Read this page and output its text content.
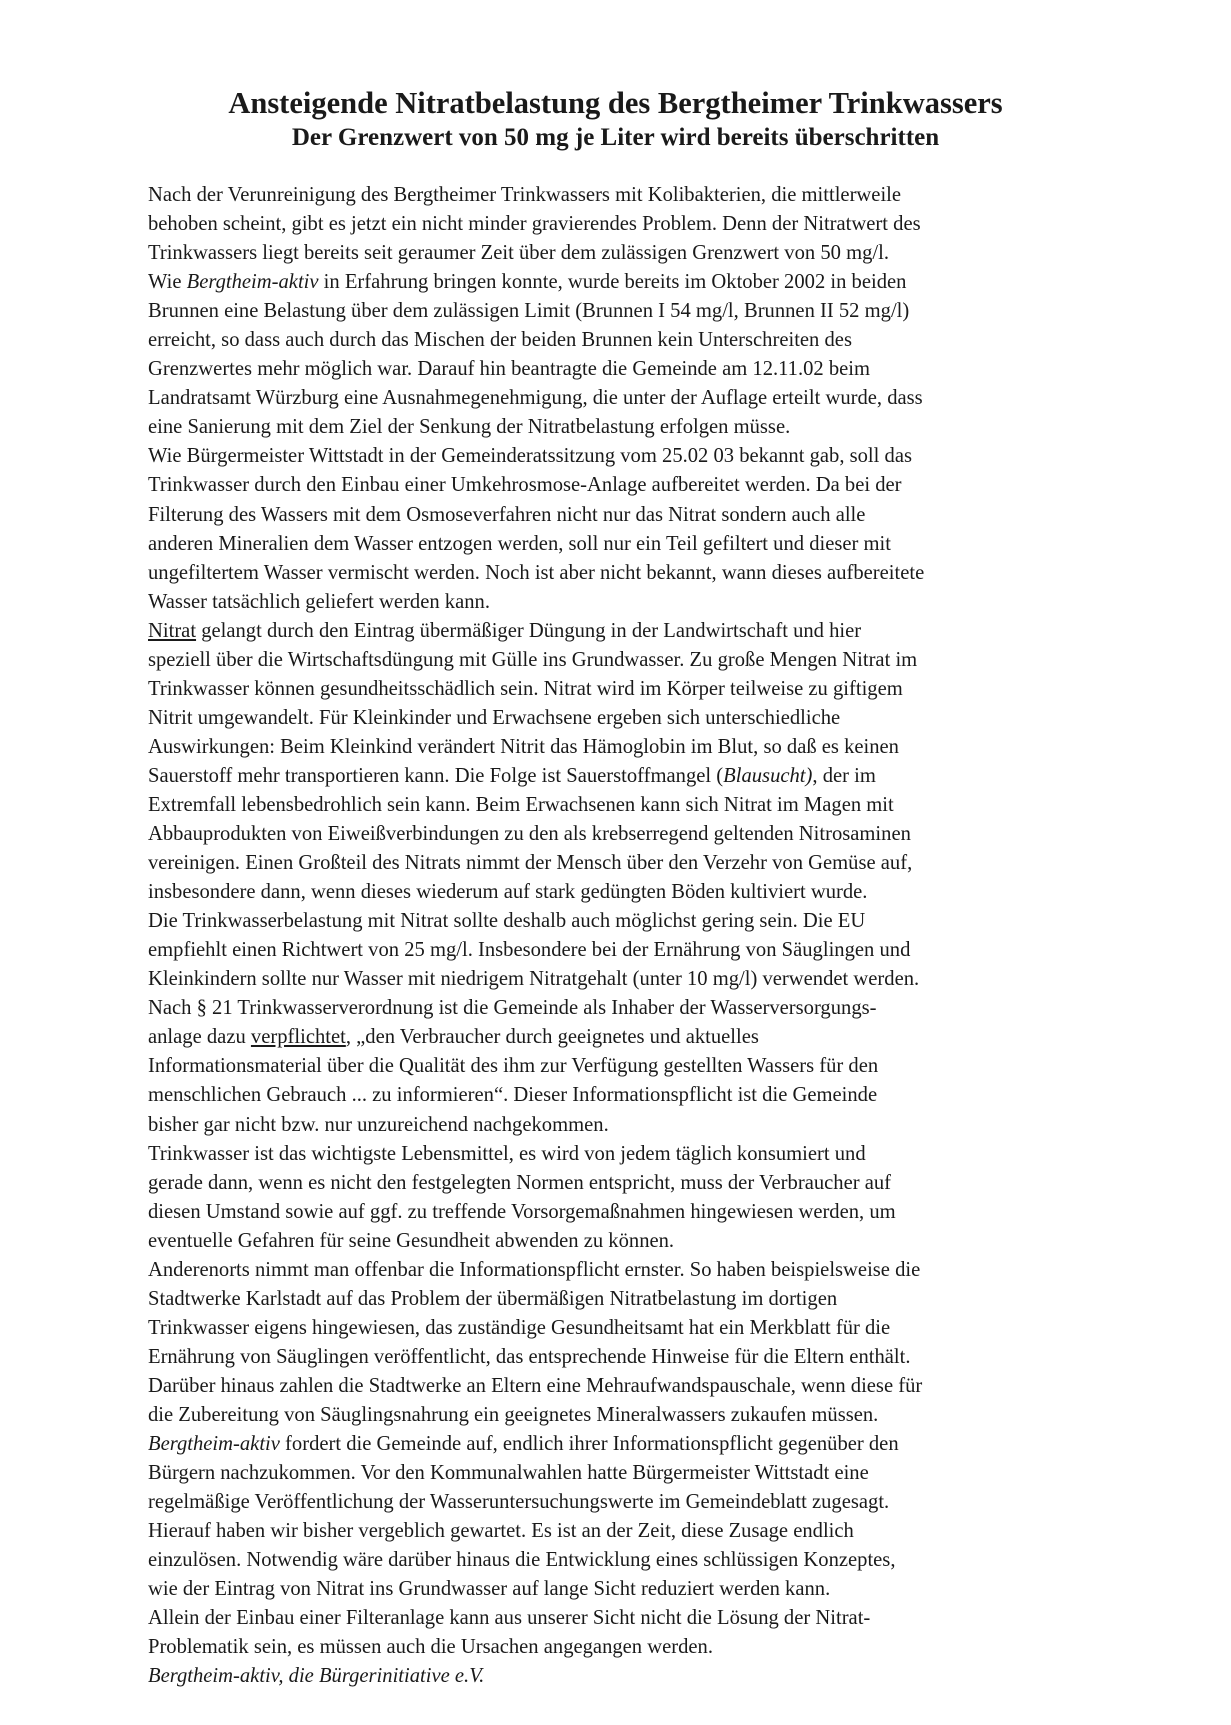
Ansteigende Nitratbelastung des Bergtheimer Trinkwassers
Der Grenzwert von 50 mg je Liter wird bereits überschritten
Nach der Verunreinigung des Bergtheimer Trinkwassers mit Kolibakterien, die mittlerweile
behoben scheint, gibt es jetzt ein nicht minder gravierendes Problem. Denn der Nitratwert des
Trinkwassers liegt bereits seit geraumer Zeit über dem zulässigen Grenzwert von 50 mg/l.
Wie Bergtheim-aktiv in Erfahrung bringen konnte, wurde bereits im Oktober 2002 in beiden
Brunnen eine Belastung über dem zulässigen Limit (Brunnen I 54 mg/l, Brunnen II 52 mg/l)
erreicht, so dass auch durch das Mischen der beiden Brunnen kein Unterschreiten des
Grenzwertes mehr möglich war. Darauf hin beantragte die Gemeinde am 12.11.02 beim
Landratsamt Würzburg eine Ausnahmegenehmigung, die unter der Auflage erteilt wurde, dass
eine Sanierung mit dem Ziel der Senkung der Nitratbelastung erfolgen müsse.
Wie Bürgermeister Wittstadt in der Gemeinderatssitzung vom 25.02 03 bekannt gab, soll das
Trinkwasser durch den Einbau einer Umkehrosmose-Anlage aufbereitet werden. Da bei der
Filterung des Wassers mit dem Osmoseverfahren nicht nur das Nitrat sondern auch alle
anderen Mineralien dem Wasser entzogen werden, soll nur ein Teil gefiltert und dieser mit
ungefiltertem Wasser vermischt werden. Noch ist aber nicht bekannt, wann dieses aufbereitete
Wasser tatsächlich geliefert werden kann.
Nitrat gelangt durch den Eintrag übermäßiger Düngung in der Landwirtschaft und hier
speziell über die Wirtschaftsdüngung mit Gülle ins Grundwasser. Zu große Mengen Nitrat im
Trinkwasser können gesundheitsschädlich sein. Nitrat wird im Körper teilweise zu giftigem
Nitrit umgewandelt. Für Kleinkinder und Erwachsene ergeben sich unterschiedliche
Auswirkungen: Beim Kleinkind verändert Nitrit das Hämoglobin im Blut, so daß es keinen
Sauerstoff mehr transportieren kann. Die Folge ist Sauerstoffmangel (Blausucht), der im
Extremfall lebensbedrohlich sein kann. Beim Erwachsenen kann sich Nitrat im Magen mit
Abbauprodukten von Eiweißverbindungen zu den als krebserregend geltenden Nitrosaminen
vereinigen. Einen Großteil des Nitrats nimmt der Mensch über den Verzehr von Gemüse auf,
insbesondere dann, wenn dieses wiederum auf stark gedüngten Böden kultiviert wurde.
Die Trinkwasserbelastung mit Nitrat sollte deshalb auch möglichst gering sein. Die EU
empfiehlt einen Richtwert von 25 mg/l. Insbesondere bei der Ernährung von Säuglingen und
Kleinkindern sollte nur Wasser mit niedrigem Nitratgehalt (unter 10 mg/l) verwendet werden.
Nach § 21 Trinkwasserverordnung ist die Gemeinde als Inhaber der Wasserversorgungs-
anlage dazu verpflichtet, „den Verbraucher durch geeignetes und aktuelles
Informationsmaterial über die Qualität des ihm zur Verfügung gestellten Wassers für den
menschlichen Gebrauch ... zu informieren“. Dieser Informationspflicht ist die Gemeinde
bisher gar nicht bzw. nur unzureichend nachgekommen.
Trinkwasser ist das wichtigste Lebensmittel, es wird von jedem täglich konsumiert und
gerade dann, wenn es nicht den festgelegten Normen entspricht, muss der Verbraucher auf
diesen Umstand sowie auf ggf. zu treffende Vorsorgemaßnahmen hingewiesen werden, um
eventuelle Gefahren für seine Gesundheit abwenden zu können.
Anderenorts nimmt man offenbar die Informationspflicht ernster. So haben beispielsweise die
Stadtwerke Karlstadt auf das Problem der übermäßigen Nitratbelastung im dortigen
Trinkwasser eigens hingewiesen, das zuständige Gesundheitsamt hat ein Merkblatt für die
Ernährung von Säuglingen veröffentlicht, das entsprechende Hinweise für die Eltern enthält.
Darüber hinaus zahlen die Stadtwerke an Eltern eine Mehraufwandspauschale, wenn diese für
die Zubereitung von Säuglingsnahrung ein geeignetes Mineralwassers zukaufen müssen.
Bergtheim-aktiv fordert die Gemeinde auf, endlich ihrer Informationspflicht gegenüber den
Bürgern nachzukommen. Vor den Kommunalwahlen hatte Bürgermeister Wittstadt eine
regelmäßige Veröffentlichung der Wasseruntersuchungswerte im Gemeindeblatt zugesagt.
Hierauf haben wir bisher vergeblich gewartet. Es ist an der Zeit, diese Zusage endlich
einzulösen. Notwendig wäre darüber hinaus die Entwicklung eines schlüssigen Konzeptes,
wie der Eintrag von Nitrat ins Grundwasser auf lange Sicht reduziert werden kann.
Allein der Einbau einer Filteranlage kann aus unserer Sicht nicht die Lösung der Nitrat-
Problematik sein, es müssen auch die Ursachen angegangen werden.
Bergtheim-aktiv, die Bürgerinitiative e.V.
